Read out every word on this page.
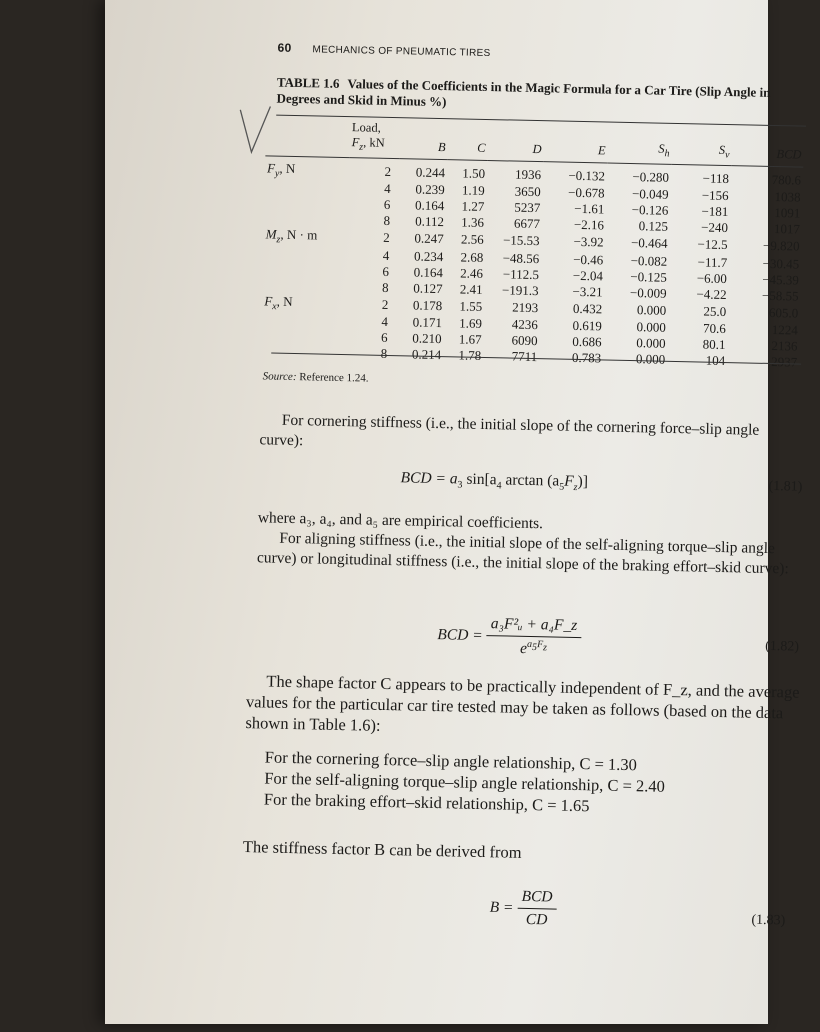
60 MECHANICS OF PNEUMATIC TIRES
TABLE 1.6 Values of the Coefficients in the Magic Formula for a Car Tire (Slip Angle in Degrees and Skid in Minus %)
	Load,
$F_z$, kN	B	C	D	E	$S_h$	$S_v$	BCD

$F_y$, N	2	0.244	1.50	1936	−0.132	−0.280	−118	780.6
	4	0.239	1.19	3650	−0.678	−0.049	−156	1038
	6	0.164	1.27	5237	−1.61	−0.126	−181	1091
	8	0.112	1.36	6677	−2.16	0.125	−240	1017
$M_z$, N · m	2	0.247	2.56	−15.53	−3.92	−0.464	−12.5	−9.820
	4	0.234	2.68	−48.56	−0.46	−0.082	−11.7	−30.45
	6	0.164	2.46	−112.5	−2.04	−0.125	−6.00	−45.39
	8	0.127	2.41	−191.3	−3.21	−0.009	−4.22	−58.55
$F_x$, N	2	0.178	1.55	2193	0.432	0.000	25.0	605.0
	4	0.171	1.69	4236	0.619	0.000	70.6	1224
	6	0.210	1.67	6090	0.686	0.000	80.1	2136
	8	0.214	1.78	7711	0.783	0.000	104	2937
Source: Reference 1.24.
For cornering stiffness (i.e., the initial slope of the cornering force–slip angle curve):
BCD = $a_3$ $\sin[a_4$ $\arctan (a_5F_z)$]	(1.81)
where a₃, a₄, and a₅ are empirical coefficients.
For aligning stiffness (i.e., the initial slope of the self-aligning torque–slip angle curve) or longitudinal stiffness (i.e., the initial slope of the braking effort–skid curve):
BCD = $\frac{\text{a₃F²ᵤ + a₄F\_z}}{e^{a_5F_z}}$	(1.82)
The shape factor C appears to be practically independent of F_z, and the average values for the particular car tire tested may be taken as follows (based on the data shown in Table 1.6):
For the cornering force–slip angle relationship, C = 1.30
For the self-aligning torque–slip angle relationship, C = 2.40
For the braking effort–skid relationship, C = 1.65
The stiffness factor B can be derived from
$B = \frac{\text{BCD}}{CD}$	(1.83)
